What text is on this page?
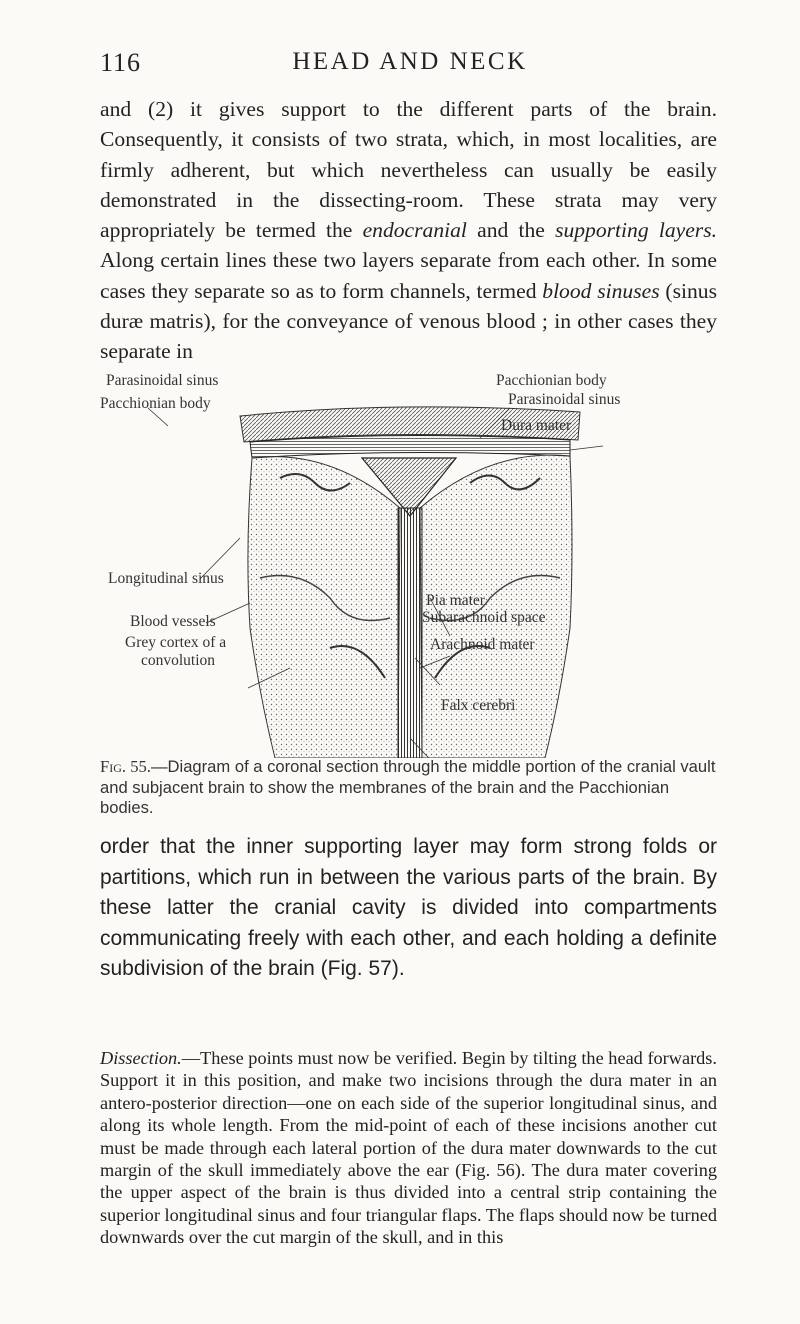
116	HEAD AND NECK

and (2) it gives support to the different parts of the brain. Consequently, it consists of two strata, which, in most localities, are firmly adherent, but which nevertheless can usually be easily demonstrated in the dissecting-room. These strata may very appropriately be termed the endocranial and the supporting layers. Along certain lines these two layers separate from each other. In some cases they separate so as to form channels, termed blood sinuses (sinus duræ matris), for the conveyance of venous blood ; in other cases they separate in

Parasinoidal sinus
Pacchionian body
Pacchionian body
Parasinoidal sinus
Dura mater
Longitudinal sinus
Blood vessels
Grey cortex of a
convolution
Pia mater
Subarachnoid space
Arachnoid mater
Falx cerebri

Fig. 55.—Diagram of a coronal section through the middle portion of the cranial vault and subjacent brain to show the membranes of the brain and the Pacchionian bodies.

order that the inner supporting layer may form strong folds or partitions, which run in between the various parts of the brain. By these latter the cranial cavity is divided into compartments communicating freely with each other, and each holding a definite subdivision of the brain (Fig. 57).

Dissection.—These points must now be verified. Begin by tilting the head forwards. Support it in this position, and make two incisions through the dura mater in an antero-posterior direction—one on each side of the superior longitudinal sinus, and along its whole length. From the mid-point of each of these incisions another cut must be made through each lateral portion of the dura mater downwards to the cut margin of the skull immediately above the ear (Fig. 56). The dura mater covering the upper aspect of the brain is thus divided into a central strip containing the superior longitudinal sinus and four triangular flaps. The flaps should now be turned downwards over the cut margin of the skull, and in this
